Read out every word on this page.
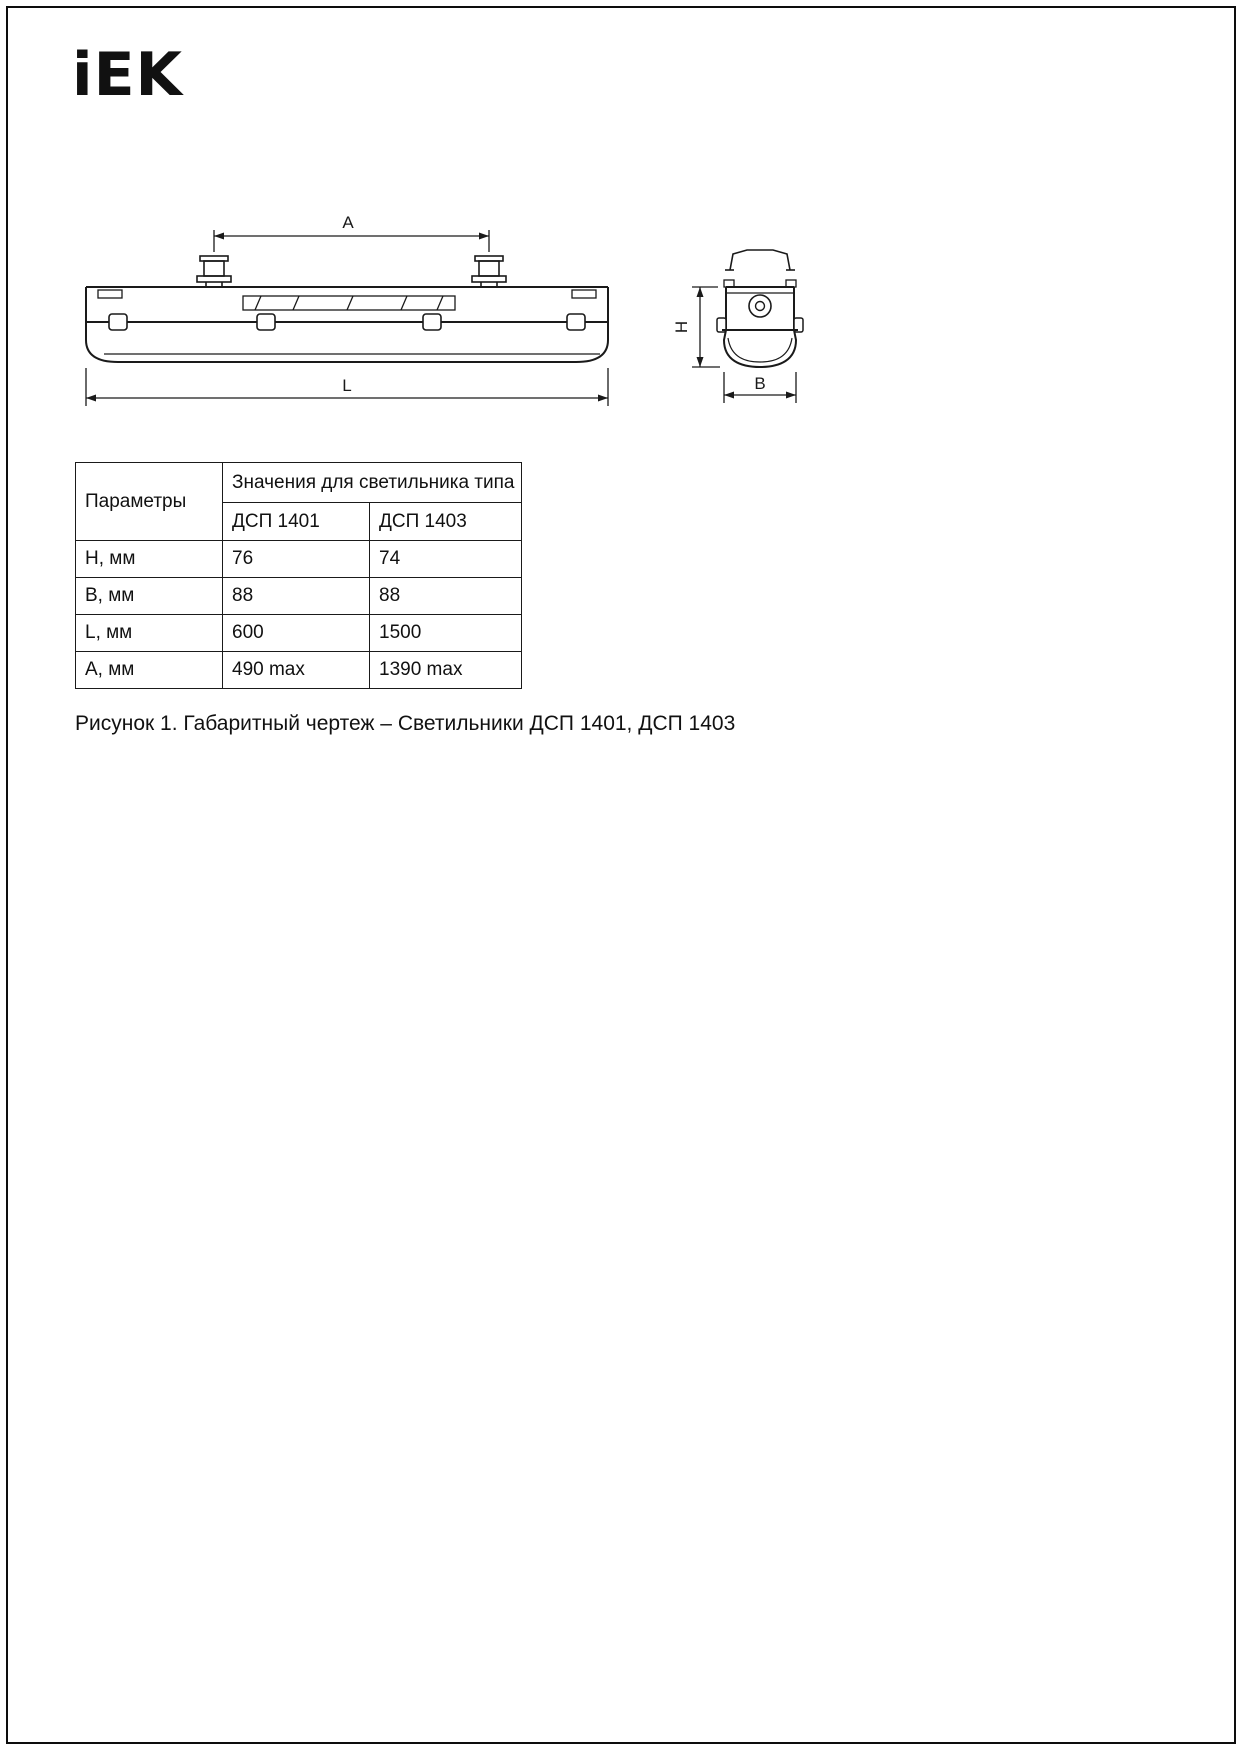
iEK
A
L
H
B
Параметры	Значения для светильника типа	
	ДСП 1401	ДСП 1403
H, мм	76	74
B, мм	88	88
L, мм	600	1500
A, мм	490 max	1390 max
Рисунок 1. Габаритный чертеж – Светильники ДСП 1401, ДСП 1403
